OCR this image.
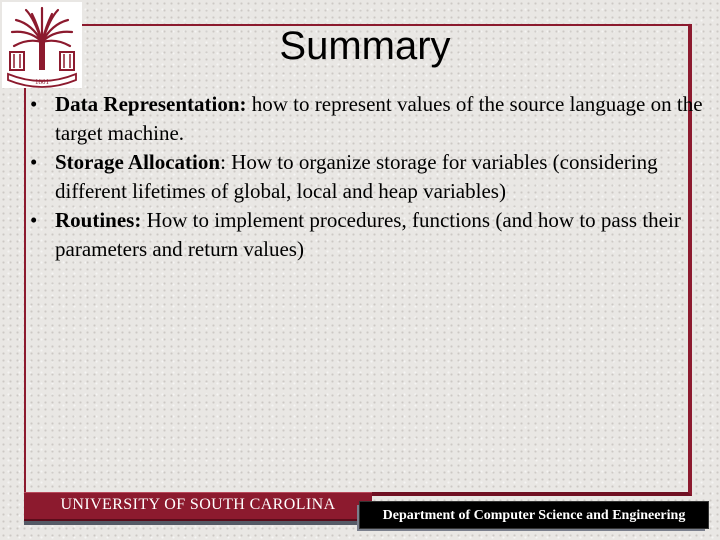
1801
Summary
• Data Representation: how to represent values of the source language on the target machine.
• Storage Allocation: How to organize storage for variables (considering different lifetimes of global, local and heap variables)
• Routines: How to implement procedures, functions (and how to pass their parameters and return values)
UNIVERSITY OF SOUTH CAROLINA
Department of Computer Science and Engineering
